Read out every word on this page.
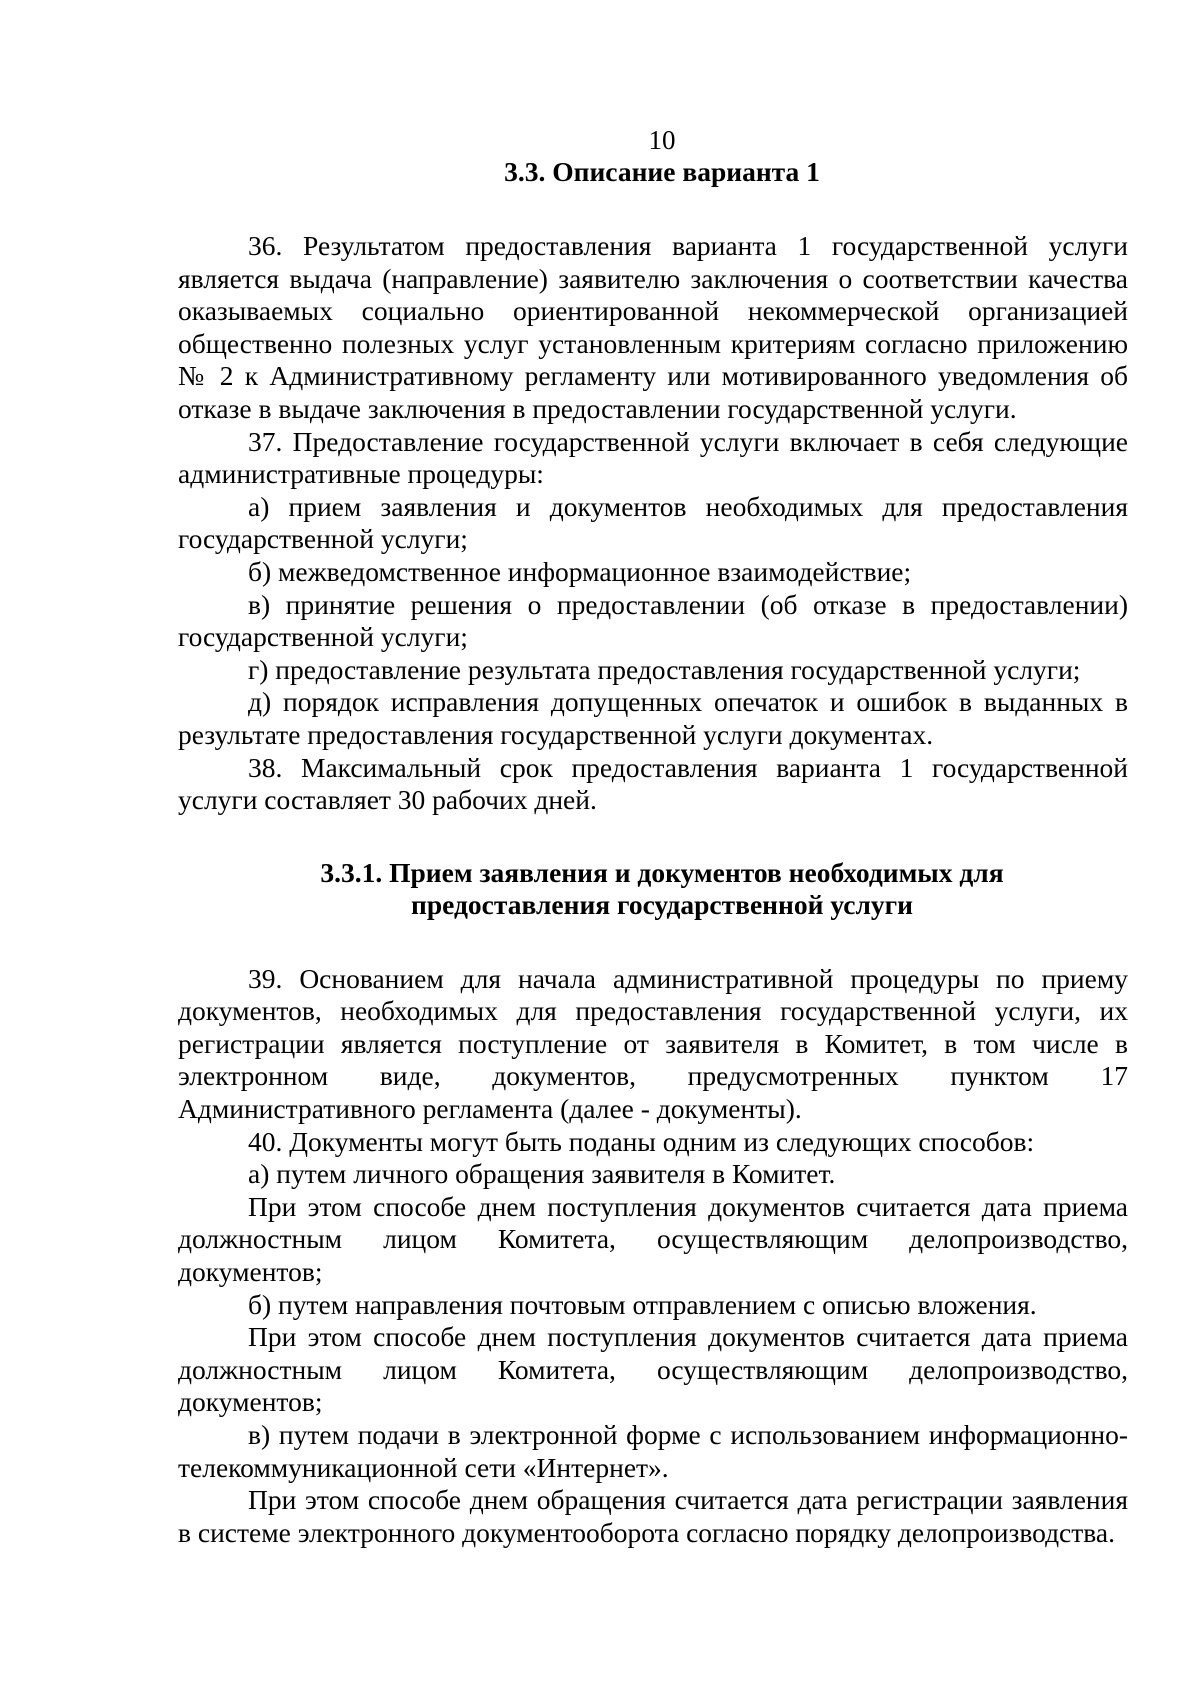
10
3.3. Описание варианта 1

36. Результатом предоставления варианта 1 государственной услуги является выдача (направление) заявителю заключения о соответствии качества оказываемых социально ориентированной некоммерческой организацией общественно полезных услуг установленным критериям согласно приложению № 2 к Административному регламенту или мотивированного уведомления об отказе в выдаче заключения в предоставлении государственной услуги.

37. Предоставление государственной услуги включает в себя следующие административные процедуры:

а) прием заявления и документов необходимых для предоставления государственной услуги;

б) межведомственное информационное взаимодействие;

в) принятие решения о предоставлении (об отказе в предоставлении) государственной услуги;

г) предоставление результата предоставления государственной услуги;

д) порядок исправления допущенных опечаток и ошибок в выданных в результате предоставления государственной услуги документах.

38. Максимальный срок предоставления варианта 1 государственной услуги составляет 30 рабочих дней.

3.3.1. Прием заявления и документов необходимых для
предоставления государственной услуги

39. Основанием для начала административной процедуры по приему документов, необходимых для предоставления государственной услуги, их регистрации является поступление от заявителя в Комитет, в том числе в электронном виде, документов, предусмотренных пунктом 17 Административного регламента (далее - документы).

40. Документы могут быть поданы одним из следующих способов:

а) путем личного обращения заявителя в Комитет.

При этом способе днем поступления документов считается дата приема должностным лицом Комитета, осуществляющим делопроизводство, документов;

б) путем направления почтовым отправлением с описью вложения.

При этом способе днем поступления документов считается дата приема должностным лицом Комитета, осуществляющим делопроизводство, документов;

в) путем подачи в электронной форме с использованием информационно-телекоммуникационной сети «Интернет».

При этом способе днем обращения считается дата регистрации заявления в системе электронного документооборота согласно порядку делопроизводства.
